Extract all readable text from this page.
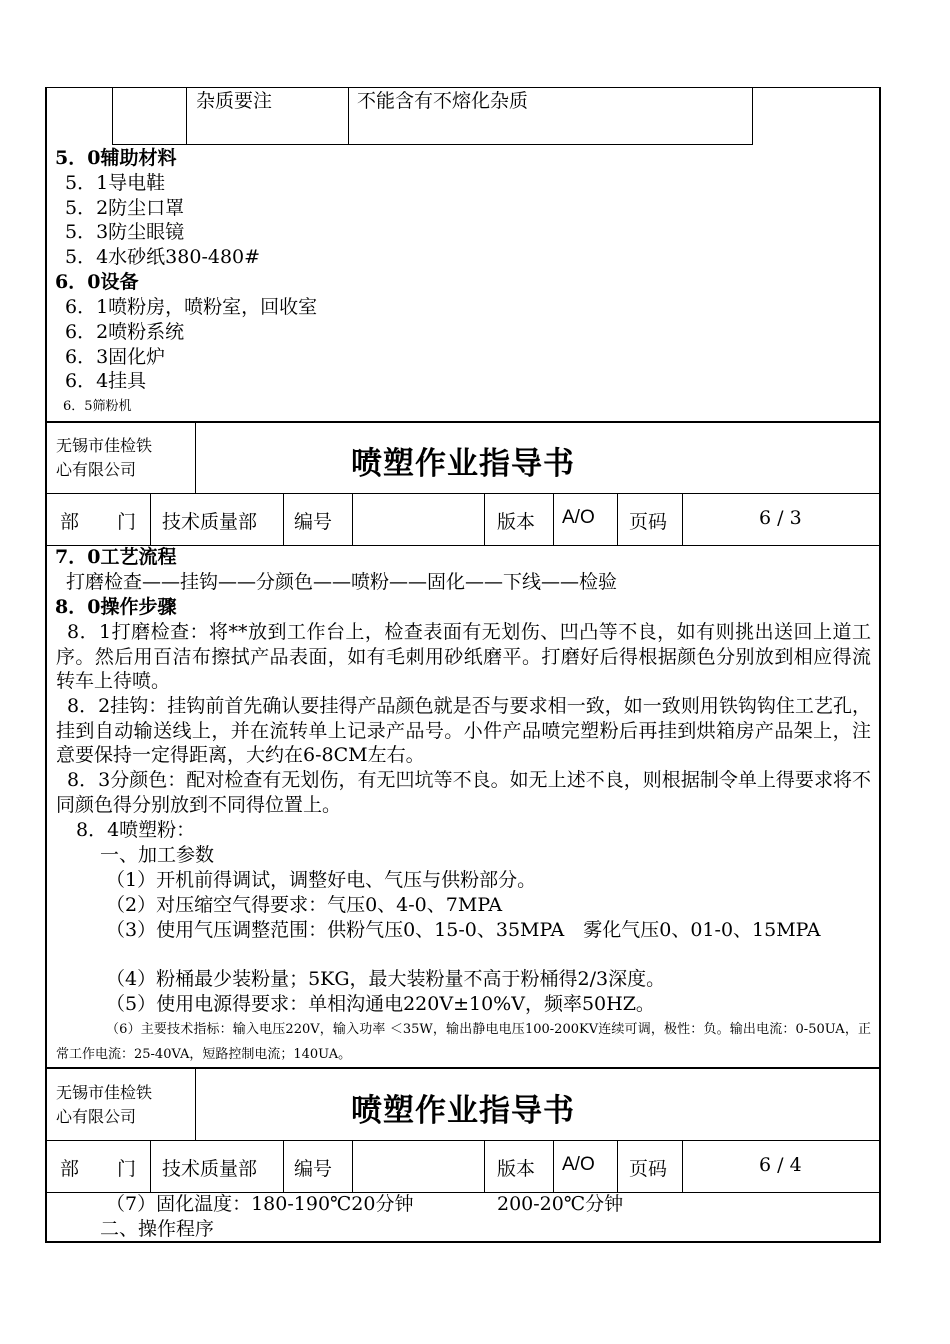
杂质要注	不能含有不熔化杂质
5．0辅助材料
5．1导电鞋
5．2防尘口罩
5．3防尘眼镜
5．4水砂纸380-480#
6．0设备
6．1喷粉房，喷粉室，回收室
6．2喷粉系统
6．3固化炉
6．4挂具
6．5筛粉机
无锡市佳检铁
心有限公司	喷塑作业指导书
部　　门 技术质量部 编号	版本 A/O 页码	6 / 3
7．0工艺流程
打磨检查——挂钩——分颜色——喷粉——固化——下线——检验
8．0操作步骤
8．1打磨检查：将**放到工作台上，检查表面有无划伤、凹凸等不良，如有则挑出送回上道工序。然后用百洁布擦拭产品表面，如有毛刺用砂纸磨平。打磨好后得根据颜色分别放到相应得流转车上待喷。
8．2挂钩：挂钩前首先确认要挂得产品颜色就是否与要求相一致，如一致则用铁钩钩住工艺孔，挂到自动输送线上，并在流转单上记录产品号。小件产品喷完塑粉后再挂到烘箱房产品架上，注意要保持一定得距离，大约在6-8CM左右。
8．3分颜色：配对检查有无划伤，有无凹坑等不良。如无上述不良，则根据制令单上得要求将不同颜色得分别放到不同得位置上。
8．4喷塑粉：
一、加工参数
（1）开机前得调试，调整好电、气压与供粉部分。
（2）对压缩空气得要求：气压0、4-0、7MPA
（3）使用气压调整范围：供粉气压0、15-0、35MPA　雾化气压0、01-0、15MPA
（4）粉桶最少装粉量；5KG，最大装粉量不高于粉桶得2/3深度。
（5）使用电源得要求：单相沟通电220V±10%V，频率50HZ。
（6）主要技术指标：输入电压220V，输入功率 ＜35W，输出静电电压100-200KV连续可调，极性：负。输出电流：0-50UA，正常工作电流：25-40VA，短路控制电流；140UA。
无锡市佳检铁
心有限公司	喷塑作业指导书
部　　门 技术质量部 编号	版本 A/O 页码	6 / 4
（7）固化温度：180-190℃20分钟	200-20℃分钟
二、操作程序
